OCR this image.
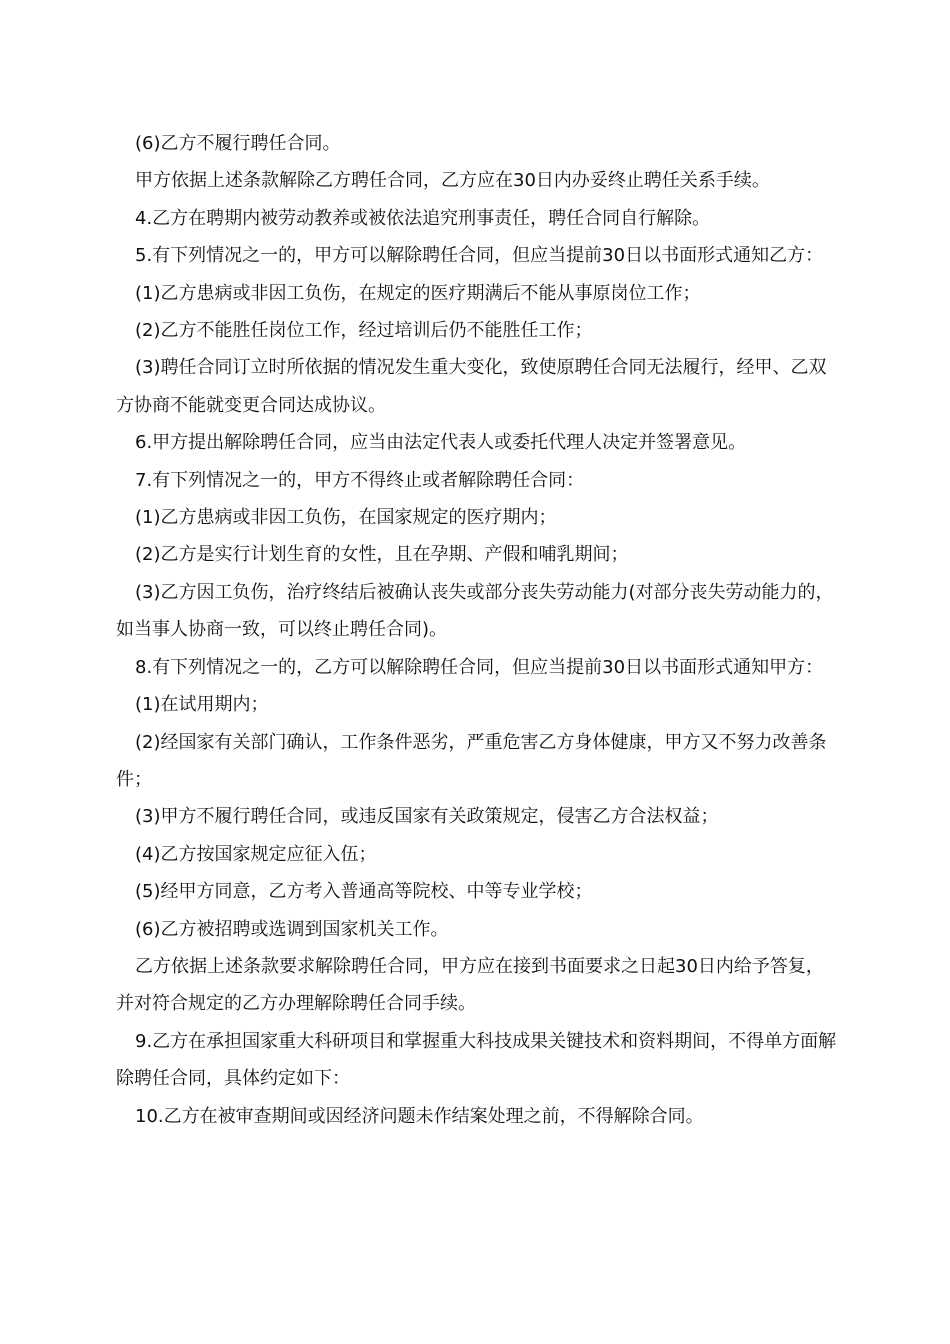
(6)乙方不履行聘任合同。

甲方依据上述条款解除乙方聘任合同，乙方应在30日内办妥终止聘任关系手续。

4.乙方在聘期内被劳动教养或被依法追究刑事责任，聘任合同自行解除。

5.有下列情况之一的，甲方可以解除聘任合同，但应当提前30日以书面形式通知乙方：

(1)乙方患病或非因工负伤，在规定的医疗期满后不能从事原岗位工作；

(2)乙方不能胜任岗位工作，经过培训后仍不能胜任工作；

(3)聘任合同订立时所依据的情况发生重大变化，致使原聘任合同无法履行，经甲、乙双方协商不能就变更合同达成协议。

6.甲方提出解除聘任合同，应当由法定代表人或委托代理人决定并签署意见。

7.有下列情况之一的，甲方不得终止或者解除聘任合同：

(1)乙方患病或非因工负伤，在国家规定的医疗期内；

(2)乙方是实行计划生育的女性，且在孕期、产假和哺乳期间；

(3)乙方因工负伤，治疗终结后被确认丧失或部分丧失劳动能力(对部分丧失劳动能力的，如当事人协商一致，可以终止聘任合同)。

8.有下列情况之一的，乙方可以解除聘任合同，但应当提前30日以书面形式通知甲方：

(1)在试用期内；

(2)经国家有关部门确认，工作条件恶劣，严重危害乙方身体健康，甲方又不努力改善条件；

(3)甲方不履行聘任合同，或违反国家有关政策规定，侵害乙方合法权益；

(4)乙方按国家规定应征入伍；

(5)经甲方同意，乙方考入普通高等院校、中等专业学校；

(6)乙方被招聘或选调到国家机关工作。

乙方依据上述条款要求解除聘任合同，甲方应在接到书面要求之日起30日内给予答复，并对符合规定的乙方办理解除聘任合同手续。

9.乙方在承担国家重大科研项目和掌握重大科技成果关键技术和资料期间，不得单方面解除聘任合同，具体约定如下：

10.乙方在被审查期间或因经济问题未作结案处理之前，不得解除合同。
